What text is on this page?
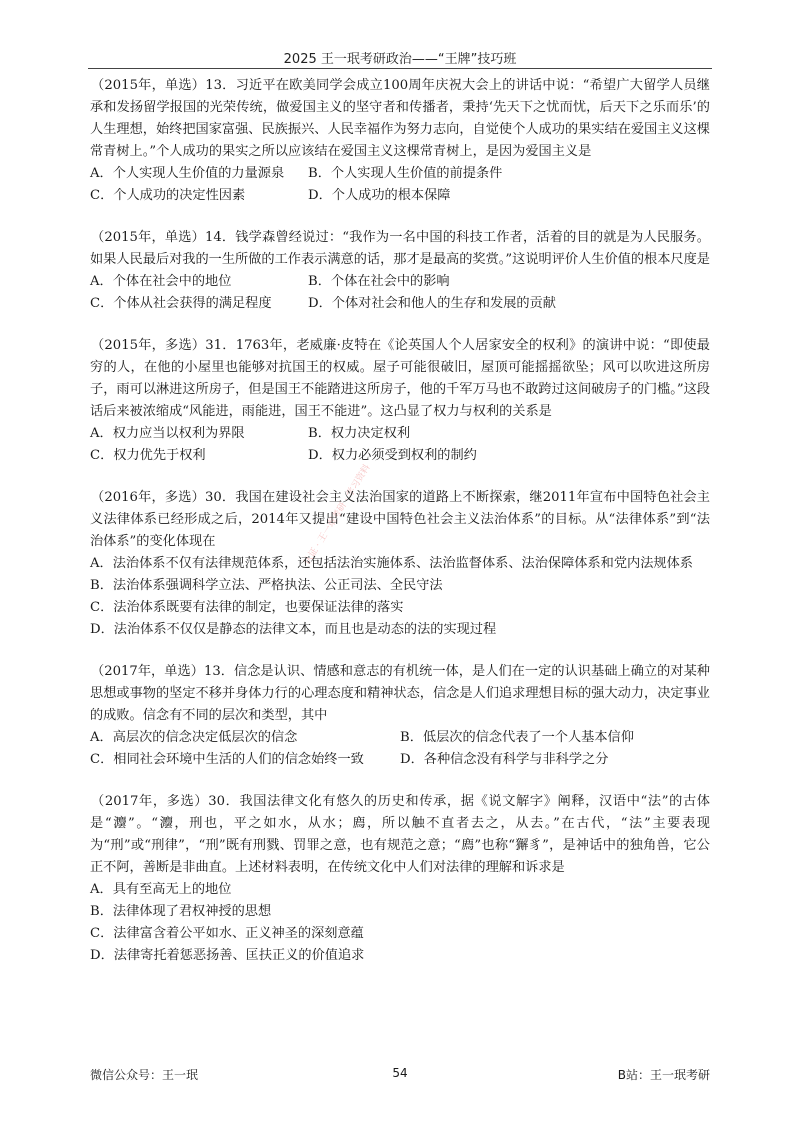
2025 王一珉考研政治——“王牌”技巧班
认证 · 王一珉考研 · 学习资料
（2015年，单选）13．习近平在欧美同学会成立100周年庆祝大会上的讲话中说：“希望广大留学人员继承和发扬留学报国的光荣传统，做爱国主义的坚守者和传播者，秉持‘先天下之忧而忧，后天下之乐而乐’的人生理想，始终把国家富强、民族振兴、人民幸福作为努力志向，自觉使个人成功的果实结在爱国主义这棵常青树上。”个人成功的果实之所以应该结在爱国主义这棵常青树上，是因为爱国主义是
A．个人实现人生价值的力量源泉	B．个人实现人生价值的前提条件
C．个人成功的决定性因素	D．个人成功的根本保障
（2015年，单选）14．钱学森曾经说过：“我作为一名中国的科技工作者，活着的目的就是为人民服务。如果人民最后对我的一生所做的工作表示满意的话，那才是最高的奖赏。”这说明评价人生价值的根本尺度是
A．个体在社会中的地位	B．个体在社会中的影响
C．个体从社会获得的满足程度	D．个体对社会和他人的生存和发展的贡献
（2015年，多选）31．1763年，老威廉·皮特在《论英国人个人居家安全的权利》的演讲中说：“即使最穷的人，在他的小屋里也能够对抗国王的权威。屋子可能很破旧，屋顶可能摇摇欲坠；风可以吹进这所房子，雨可以淋进这所房子，但是国王不能踏进这所房子，他的千军万马也不敢跨过这间破房子的门槛。”这段话后来被浓缩成“风能进，雨能进，国王不能进”。这凸显了权力与权利的关系是
A．权力应当以权利为界限	B．权力决定权利
C．权力优先于权利	D．权力必须受到权利的制约
（2016年，多选）30．我国在建设社会主义法治国家的道路上不断探索，继2011年宣布中国特色社会主义法律体系已经形成之后，2014年又提出“建设中国特色社会主义法治体系”的目标。从“法律体系”到“法治体系”的变化体现在
A．法治体系不仅有法律规范体系，还包括法治实施体系、法治监督体系、法治保障体系和党内法规体系
B．法治体系强调科学立法、严格执法、公正司法、全民守法
C．法治体系既要有法律的制定，也要保证法律的落实
D．法治体系不仅仅是静态的法律文本，而且也是动态的法的实现过程
（2017年，单选）13．信念是认识、情感和意志的有机统一体，是人们在一定的认识基础上确立的对某种思想或事物的坚定不移并身体力行的心理态度和精神状态，信念是人们追求理想目标的强大动力，决定事业的成败。信念有不同的层次和类型，其中
A．高层次的信念决定低层次的信念	B．低层次的信念代表了一个人基本信仰
C．相同社会环境中生活的人们的信念始终一致	D．各种信念没有科学与非科学之分
（2017年，多选）30．我国法律文化有悠久的历史和传承，据《说文解字》阐释，汉语中“法”的古体是“灋”。“灋，刑也，平之如水，从水；廌，所以触不直者去之，从去。”在古代，“法”主要表现为“刑”或“刑律”，“刑”既有刑戮、罚罪之意，也有规范之意；“廌”也称“獬豸”，是神话中的独角兽，它公正不阿，善断是非曲直。上述材料表明，在传统文化中人们对法律的理解和诉求是
A．具有至高无上的地位
B．法律体现了君权神授的思想
C．法律富含着公平如水、正义神圣的深刻意蕴
D．法律寄托着惩恶扬善、匡扶正义的价值追求
微信公众号：王一珉	54	B站：王一珉考研
